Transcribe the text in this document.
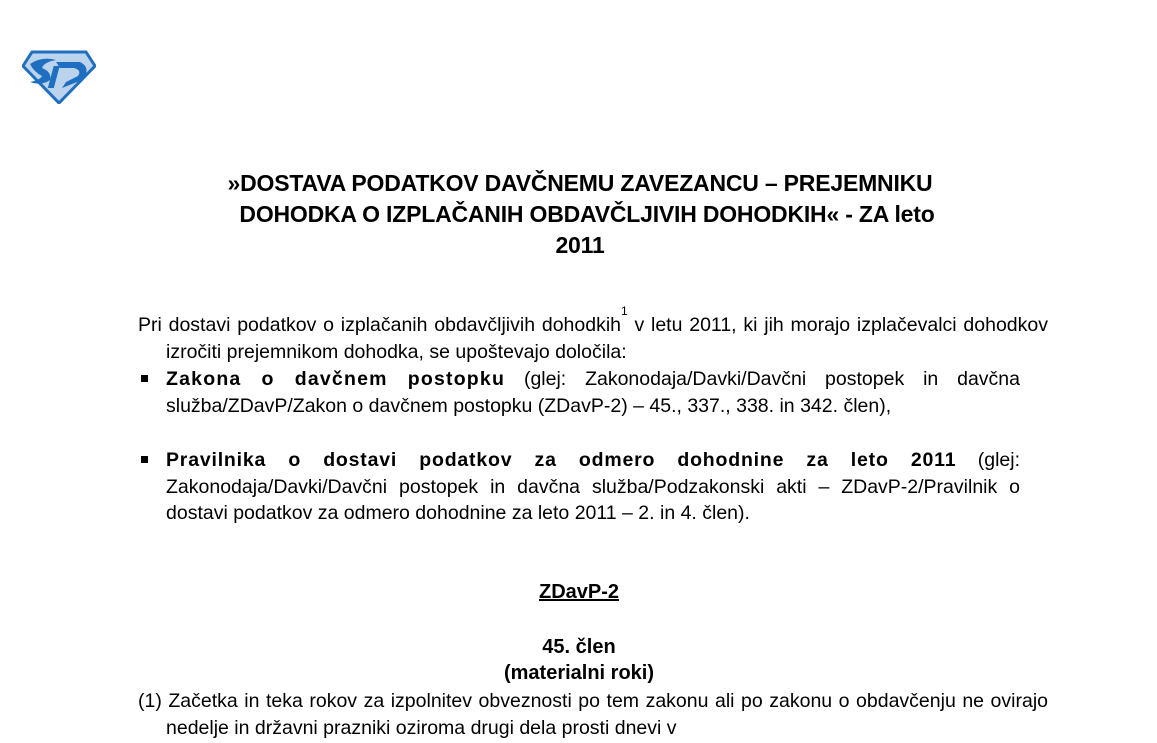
»DOSTAVA PODATKOV DAVČNEMU ZAVEZANCU – PREJEMNIKU
DOHODKA O IZPLAČANIH OBDAVČLJIVIH DOHODKIH« - ZA leto
2011
Pri dostavi podatkov o izplačanih obdavčljivih dohodkih$^1$ v letu 2011, ki jih morajo izplačevalci dohodkov izročiti prejemnikom dohodka, se upoštevajo določila:
Zakona o davčnem postopku (glej: Zakonodaja/Davki/Davčni postopek in davčna služba/ZDavP/Zakon o davčnem postopku (ZDavP-2) – 45., 337., 338. in 342. člen),
Pravilnika o dostavi podatkov za odmero dohodnine za leto 2011 (glej: Zakonodaja/Davki/Davčni postopek in davčna služba/Podzakonski akti – ZDavP-2/Pravilnik o dostavi podatkov za odmero dohodnine za leto 2011 – 2. in 4. člen).
ZDavP-2
45. člen
(materialni roki)
(1) Začetka in teka rokov za izpolnitev obveznosti po tem zakonu ali po zakonu o obdavčenju ne ovirajo nedelje in državni prazniki oziroma drugi dela prosti dnevi v
